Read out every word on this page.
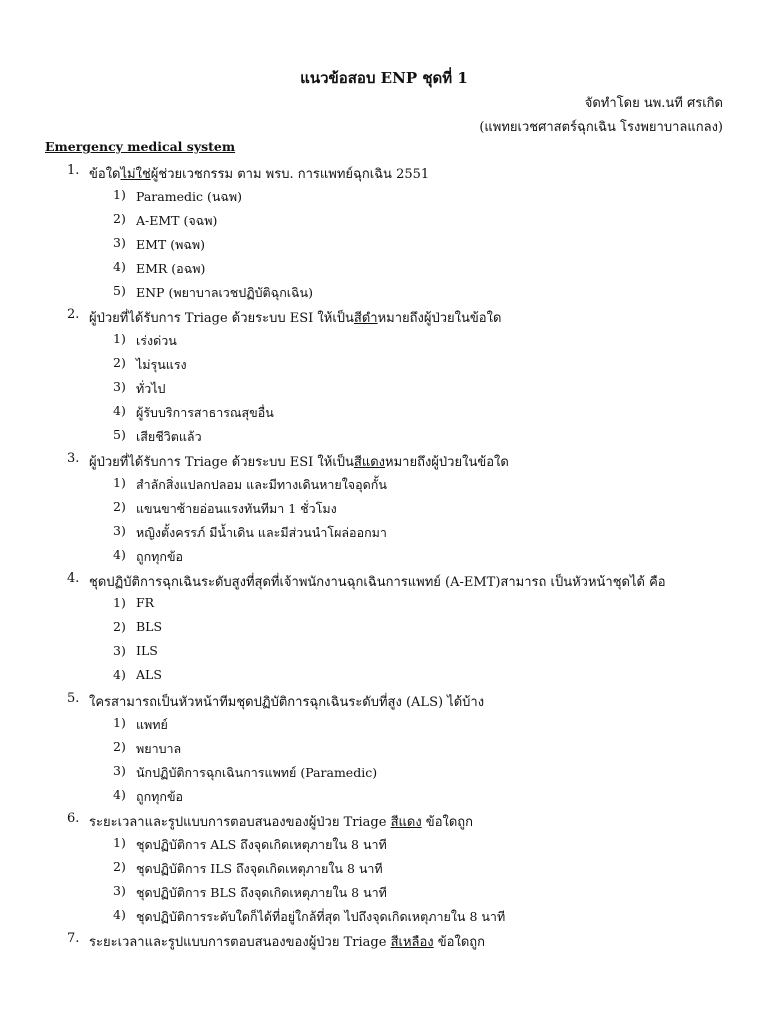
แนวข้อสอบ ENP ชุดที่ 1
จัดทำโดย นพ.นที ศรเกิด
(แพทยเวชศาสตร์ฉุกเฉิน โรงพยาบาลแกลง)
Emergency medical system
1. ข้อใดไม่ใช่ผู้ช่วยเวชกรรม ตาม พรบ. การแพทย์ฉุกเฉิน 2551
1) Paramedic (นฉพ)
2) A-EMT (จฉพ)
3) EMT (พฉพ)
4) EMR (อฉพ)
5) ENP (พยาบาลเวชปฏิบัติฉุกเฉิน)
2. ผู้ป่วยที่ได้รับการ Triage ด้วยระบบ ESI ให้เป็นสีดำหมายถึงผู้ป่วยในข้อใด
1) เร่งด่วน
2) ไม่รุนแรง
3) ทั่วไป
4) ผู้รับบริการสาธารณสุขอื่น
5) เสียชีวิตแล้ว
3. ผู้ป่วยที่ได้รับการ Triage ด้วยระบบ ESI ให้เป็นสีแดงหมายถึงผู้ป่วยในข้อใด
1) สำลักสิ่งแปลกปลอม และมีทางเดินหายใจอุดกั้น
2) แขนขาซ้ายอ่อนแรงทันทีมา 1 ชั่วโมง
3) หญิงตั้งครรภ์ มีน้ำเดิน และมีส่วนนำโผล่ออกมา
4) ถูกทุกข้อ
4. ชุดปฏิบัติการฉุกเฉินระดับสูงที่สุดที่เจ้าพนักงานฉุกเฉินการแพทย์ (A-EMT)สามารถ เป็นหัวหน้าชุดได้ คือ
1) FR
2) BLS
3) ILS
4) ALS
5. ใครสามารถเป็นหัวหน้าทีมชุดปฏิบัติการฉุกเฉินระดับที่สูง (ALS) ได้บ้าง
1) แพทย์
2) พยาบาล
3) นักปฏิบัติการฉุกเฉินการแพทย์ (Paramedic)
4) ถูกทุกข้อ
6. ระยะเวลาและรูปแบบการตอบสนองของผู้ป่วย Triage สีแดง ข้อใดถูก
1) ชุดปฏิบัติการ ALS ถึงจุดเกิดเหตุภายใน 8 นาที
2) ชุดปฏิบัติการ ILS ถึงจุดเกิดเหตุภายใน 8 นาที
3) ชุดปฏิบัติการ BLS ถึงจุดเกิดเหตุภายใน 8 นาที
4) ชุดปฏิบัติการระดับใดก็ได้ที่อยู่ใกล้ที่สุด ไปถึงจุดเกิดเหตุภายใน 8 นาที
7. ระยะเวลาและรูปแบบการตอบสนองของผู้ป่วย Triage สีเหลือง ข้อใดถูก
